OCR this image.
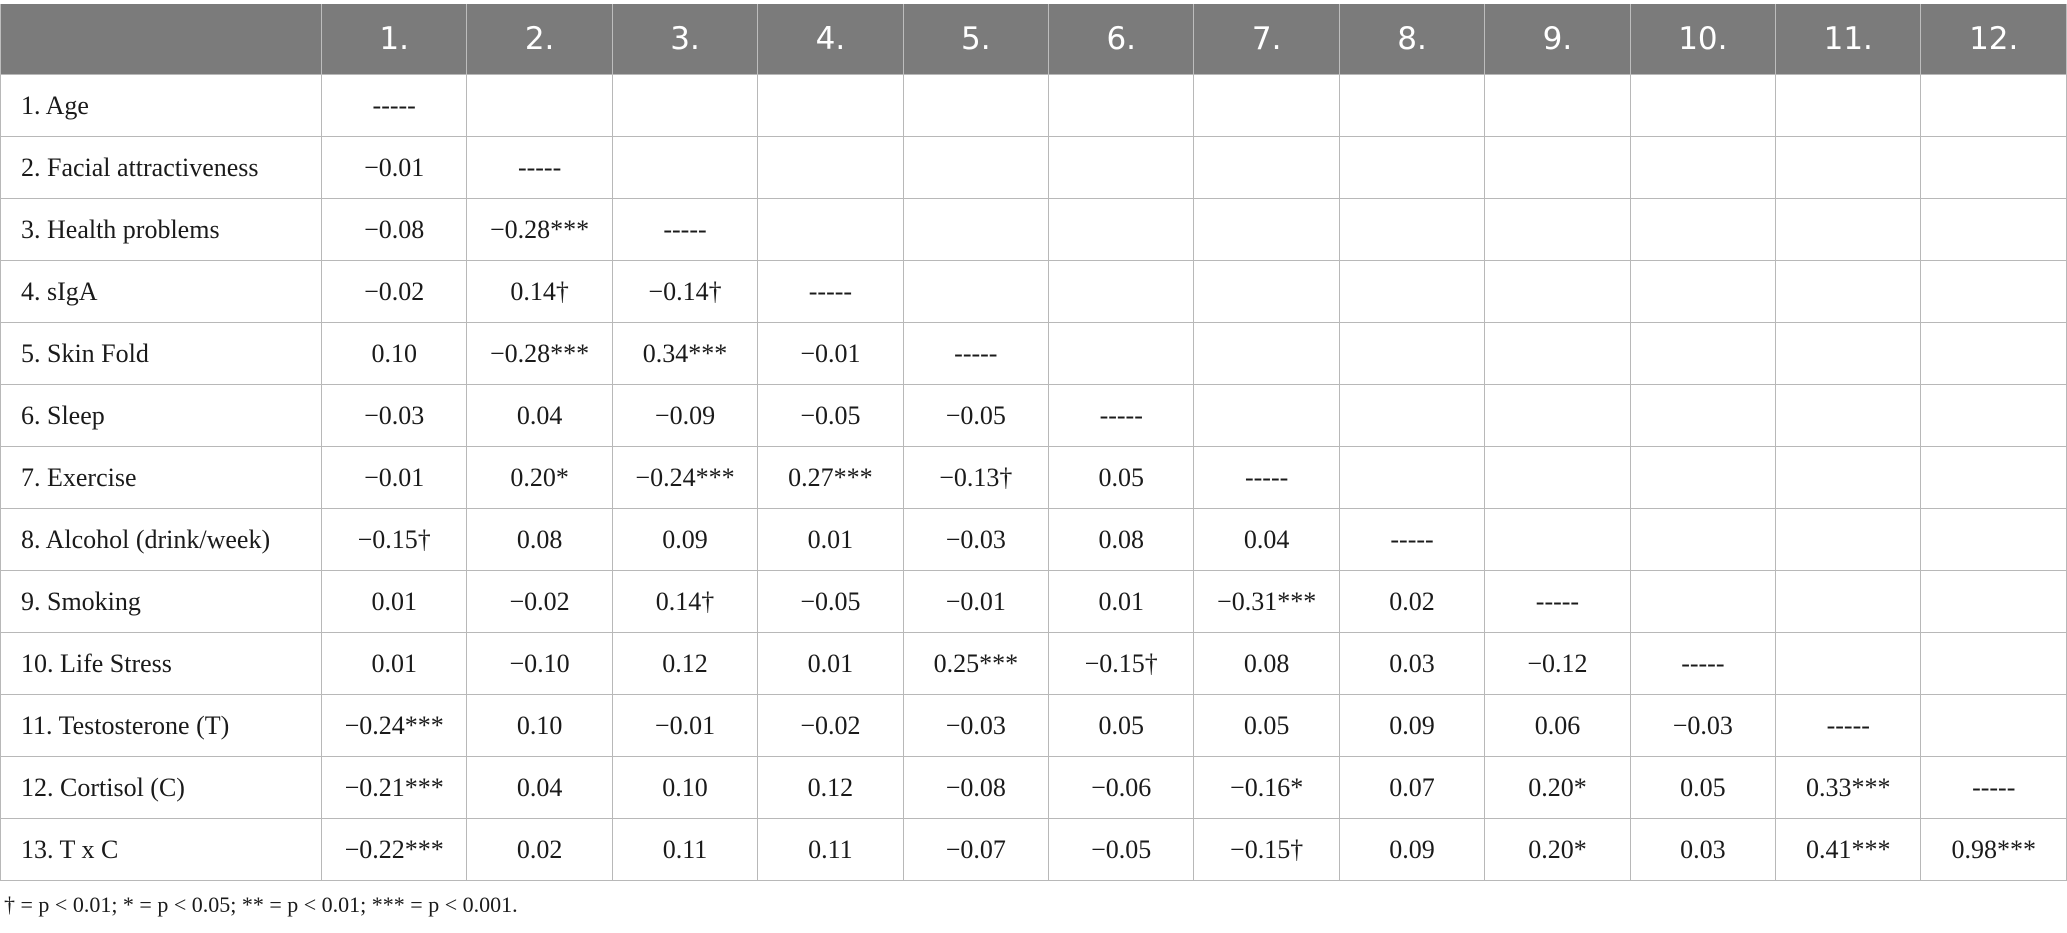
	1.	2.	3.	4.	5.	6.	7.	8.	9.	10.	11.	12.
1. Age	-----											
2. Facial attractiveness	−0.01	-----										
3. Health problems	−0.08	−0.28***	-----									
4. sIgA	−0.02	0.14†	−0.14†	-----								
5. Skin Fold	0.10	−0.28***	0.34***	−0.01	-----							
6. Sleep	−0.03	0.04	−0.09	−0.05	−0.05	-----						
7. Exercise	−0.01	0.20*	−0.24***	0.27***	−0.13†	0.05	-----					
8. Alcohol (drink/week)	−0.15†	0.08	0.09	0.01	−0.03	0.08	0.04	-----				
9. Smoking	0.01	−0.02	0.14†	−0.05	−0.01	0.01	−0.31***	0.02	-----			
10. Life Stress	0.01	−0.10	0.12	0.01	0.25***	−0.15†	0.08	0.03	−0.12	-----		
11. Testosterone (T)	−0.24***	0.10	−0.01	−0.02	−0.03	0.05	0.05	0.09	0.06	−0.03	-----	
12. Cortisol (C)	−0.21***	0.04	0.10	0.12	−0.08	−0.06	−0.16*	0.07	0.20*	0.05	0.33***	-----
13. T x C	−0.22***	0.02	0.11	0.11	−0.07	−0.05	−0.15†	0.09	0.20*	0.03	0.41***	0.98***
† = p < 0.01; * = p < 0.05; ** = p < 0.01; *** = p < 0.001.
